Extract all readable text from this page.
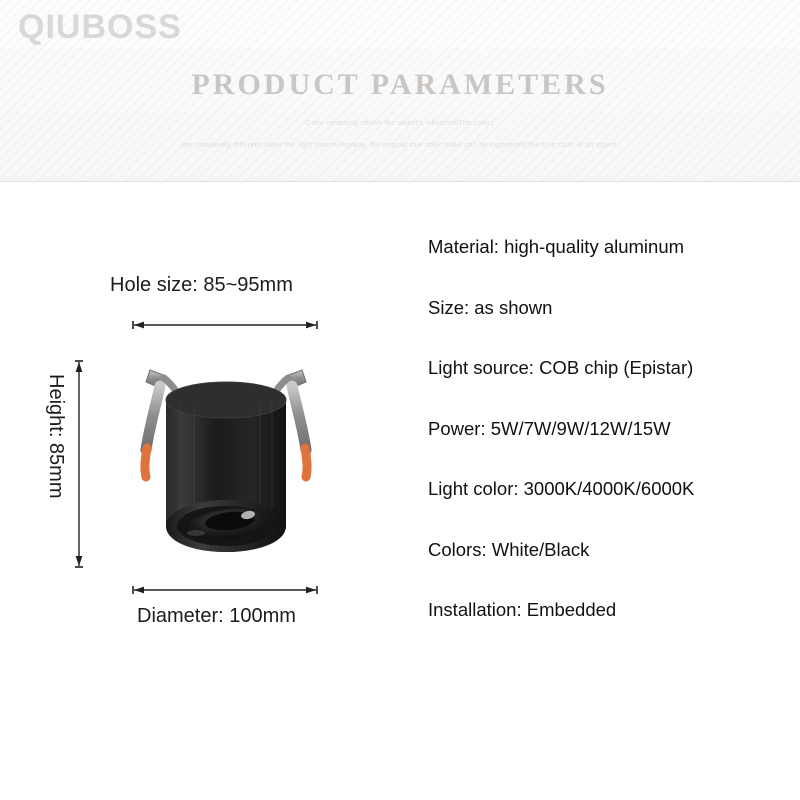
QIUBOSS
PRODUCT PARAMETERS
Color rendering shows the object's influence/The colors
are completely different under the light source/Anyway, the original true color make can be expressed/The true color of an object.
Hole size: 85~95mm
Diameter: 100mm
Height: 85mm
Material: high-quality aluminum
Size: as shown
Light source: COB chip (Epistar)
Power: 5W/7W/9W/12W/15W
Light color: 3000K/4000K/6000K
Colors: White/Black
Installation: Embedded
